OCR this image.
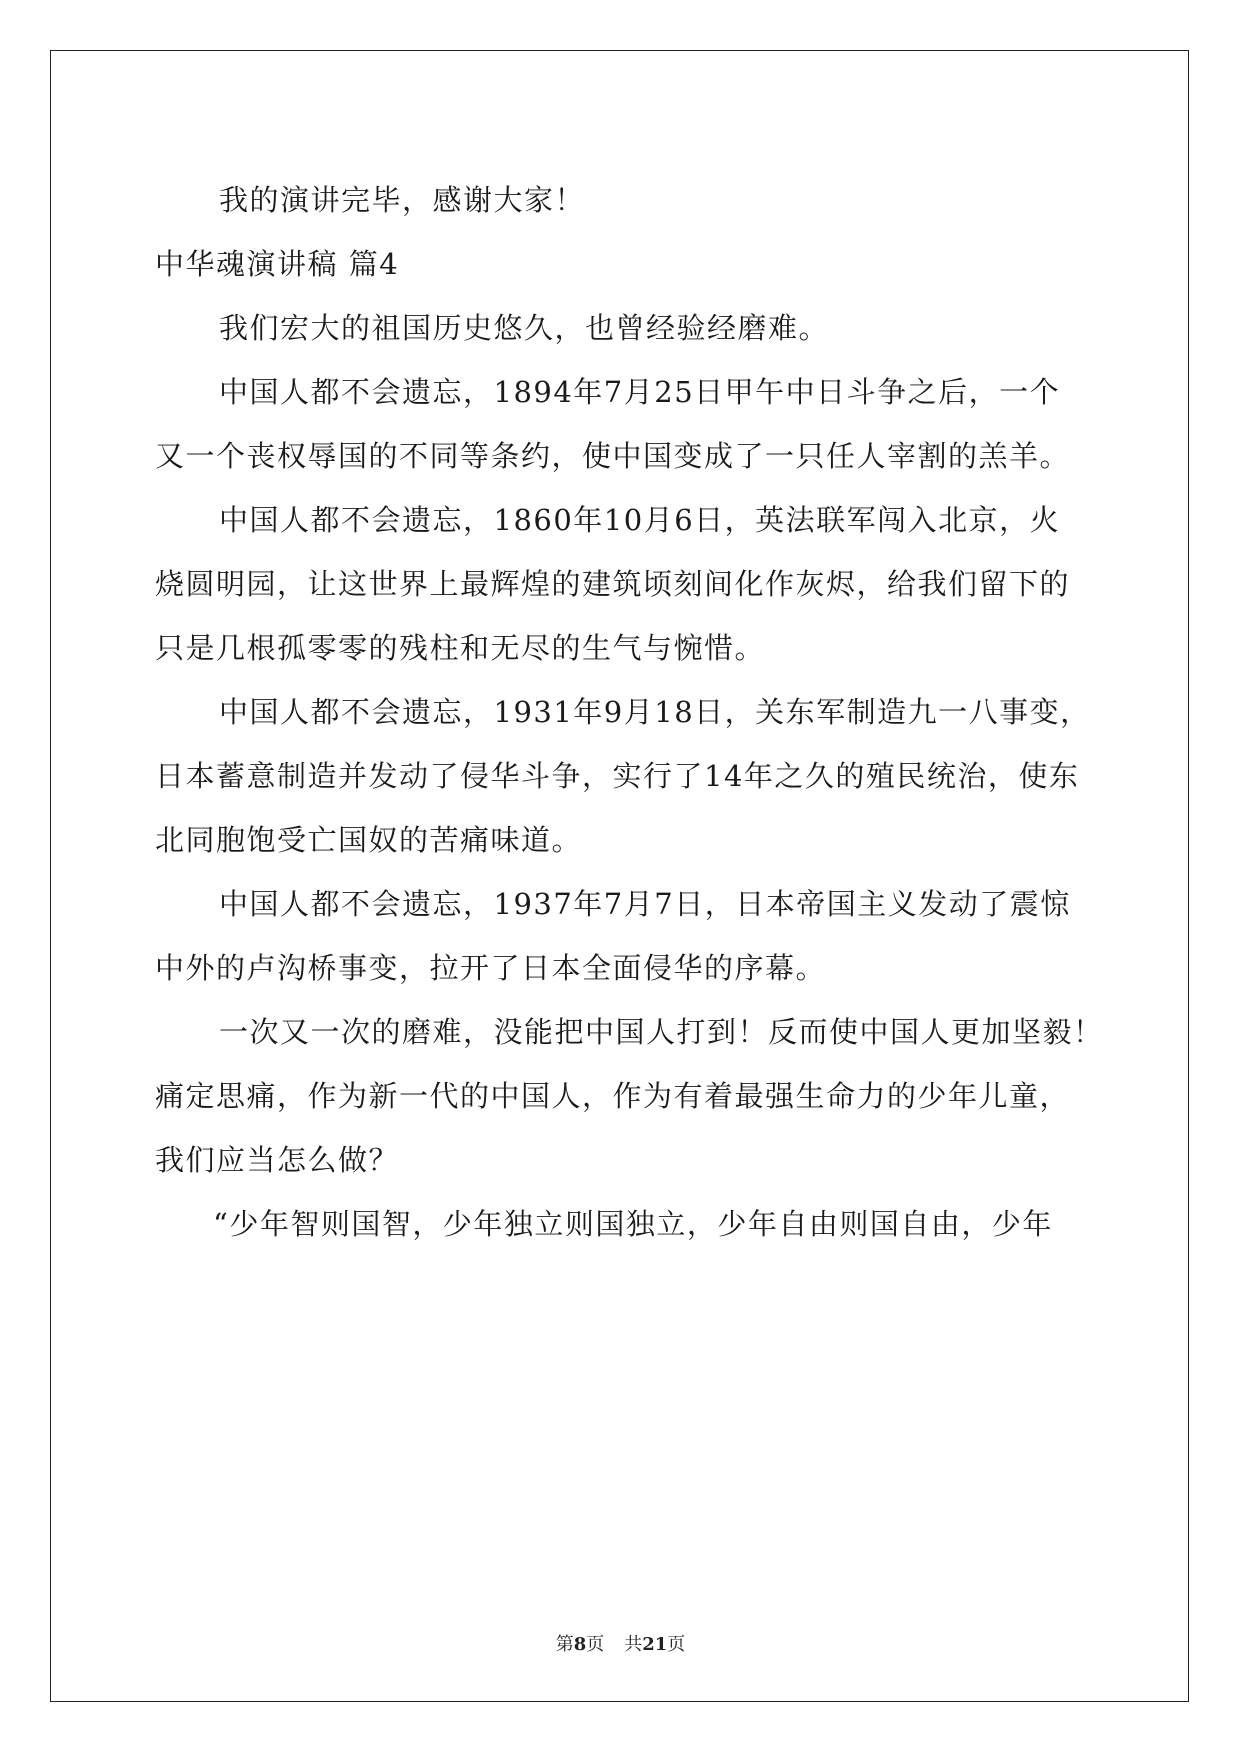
我的演讲完毕，感谢大家！
中华魂演讲稿 篇4
我们宏大的祖国历史悠久，也曾经验经磨难。
中国人都不会遗忘，1894年7月25日甲午中日斗争之后，一个
又一个丧权辱国的不同等条约，使中国变成了一只任人宰割的羔羊。
中国人都不会遗忘，1860年10月6日，英法联军闯入北京，火
烧圆明园，让这世界上最辉煌的建筑顷刻间化作灰烬，给我们留下的
只是几根孤零零的残柱和无尽的生气与惋惜。
中国人都不会遗忘，1931年9月18日，关东军制造九一八事变，
日本蓄意制造并发动了侵华斗争，实行了14年之久的殖民统治，使东
北同胞饱受亡国奴的苦痛味道。
中国人都不会遗忘，1937年7月7日，日本帝国主义发动了震惊
中外的卢沟桥事变，拉开了日本全面侵华的序幕。
一次又一次的磨难，没能把中国人打到！反而使中国人更加坚毅！
痛定思痛，作为新一代的中国人，作为有着最强生命力的少年儿童，
我们应当怎么做？
“少年智则国智，少年独立则国独立，少年自由则国自由，少年
第8页 共21页
